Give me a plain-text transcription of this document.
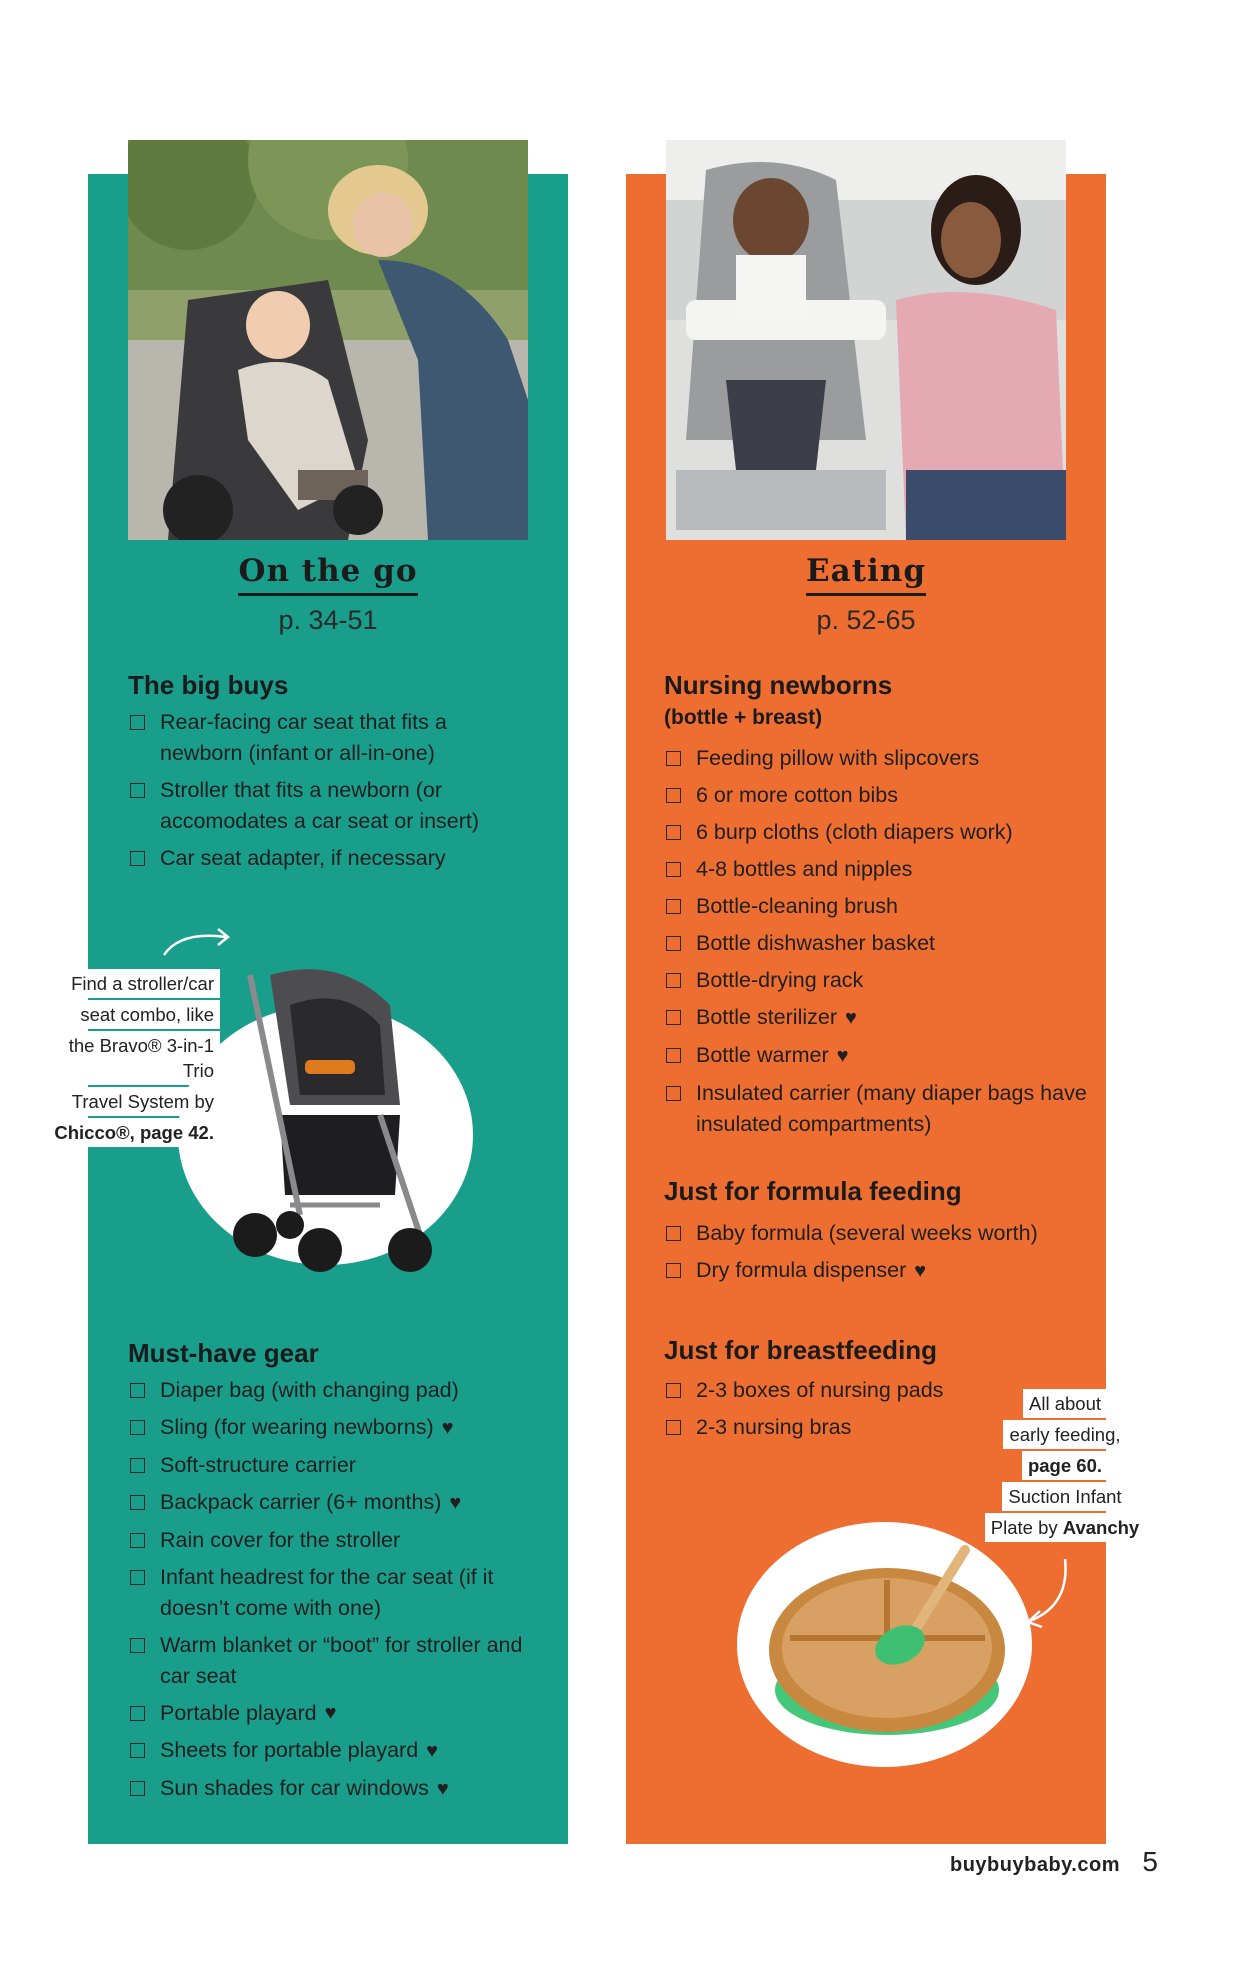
On the go
p. 34-51
The big buys
Rear-facing car seat that fits a newborn (infant or all-in-one)
Stroller that fits a newborn (or accomodates a car seat or insert)
Car seat adapter, if necessary
Find a stroller/car
seat combo, like
the Bravo® 3-in-1 Trio
Travel System by
Chicco®, page 42.
Must-have gear
Diaper bag (with changing pad)
Sling (for wearing newborns) ♥
Soft-structure carrier
Backpack carrier (6+ months) ♥
Rain cover for the stroller
Infant headrest for the car seat (if it doesn’t come with one)
Warm blanket or “boot” for stroller and car seat
Portable playard ♥
Sheets for portable playard ♥
Sun shades for car windows ♥
Eating
p. 52-65
Nursing newborns
(bottle + breast)
Feeding pillow with slipcovers
6 or more cotton bibs
6 burp cloths (cloth diapers work)
4-8 bottles and nipples
Bottle-cleaning brush
Bottle dishwasher basket
Bottle-drying rack
Bottle sterilizer ♥
Bottle warmer ♥
Insulated carrier (many diaper bags have insulated compartments)
Just for formula feeding
Baby formula (several weeks worth)
Dry formula dispenser ♥
Just for breastfeeding
2-3 boxes of nursing pads
2-3 nursing bras
All about
early feeding,
page 60.
Suction Infant
Plate by Avanchy
buybuybaby.com 5
